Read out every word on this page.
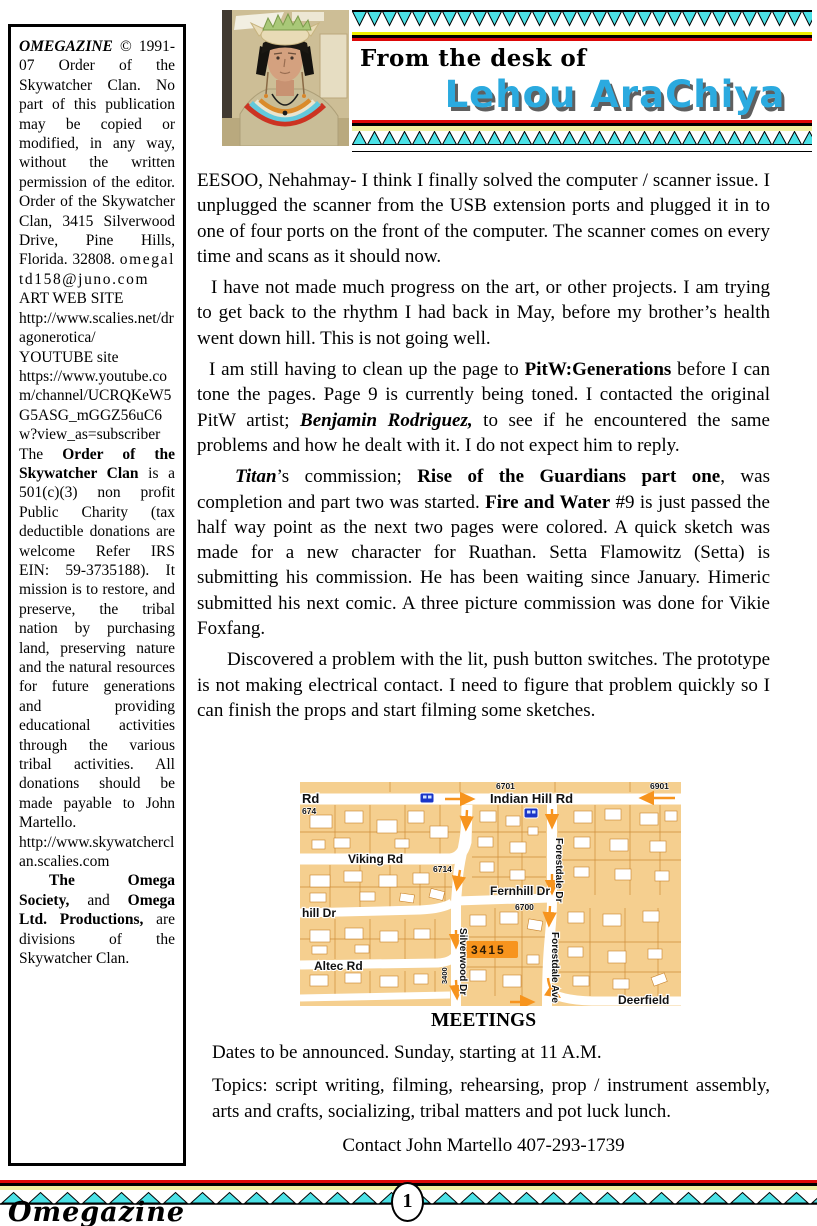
OMEGAZINE © 1991-07 Order of the Skywatcher Clan. No part of this publication may be copied or modified, in any way, without the written permission of the editor. Order of the Skywatcher Clan, 3415 Silverwood Drive, Pine Hills, Florida. 32808. omegaltd158@juno.com

ART WEB SITE

http://www.scalies.net/dragonerotica/

YOUTUBE site

https://www.youtube.com/channel/UCRQKeW5G5ASG_mGGZ56uC6w?view_as=subscriber

The Order of the Skywatcher Clan is a 501(c)(3) non profit Public Charity (tax deductible donations are welcome Refer IRS EIN: 59-3735188). It mission is to restore, and preserve, the tribal nation by purchasing land, preserving nature and the natural resources for future generations and providing educational activities through the various tribal activities. All donations should be made payable to John Martello.

http://www.skywatcherclan.scalies.com

The Omega Society, and Omega Ltd. Productions, are divisions of the Skywatcher Clan.

From the desk of
Lehou AraChiya

EESOO, Nehahmay- I think I finally solved the computer / scanner issue. I unplugged the scanner from the USB extension ports and plugged it in to one of four ports on the front of the computer. The scanner comes on every time and scans as it should now.

I have not made much progress on the art, or other projects. I am trying to get back to the rhythm I had back in May, before my brother’s health went down hill. This is not going well.

I am still having to clean up the page to PitW:Generations before I can tone the pages. Page 9 is currently being toned. I contacted the original PitW artist; Benjamin Rodriguez, to see if he encountered the same problems and how he dealt with it. I do not expect him to reply.

Titan’s commission; Rise of the Guardians part one, was completion and part two was started. Fire and Water #9 is just passed the half way point as the next two pages were colored. A quick sketch was made for a new character for Ruathan. Setta Flamowitz (Setta) is submitting his commission. He has been waiting since January. Himeric submitted his next comic. A three picture commission was done for Vikie Foxfang.

Discovered a problem with the lit, push button switches. The prototype is not making electrical contact. I need to figure that problem quickly so I can finish the props and start filming some sketches.

Indian Hill Rd
Rd
674
Viking Rd
6714
Fernhill Dr
6700
hill Dr
Altec Rd
3415
Silverwood Dr
3400
Forestdale Dr
Forestdale Ave	Deerfield
6701	6901

MEETINGS

Dates to be announced. Sunday, starting at 11 A.M.

Topics: script writing, filming, rehearsing, prop / instrument assembly, arts and crafts, socializing, tribal matters and pot luck lunch.

Contact John Martello 407-293-1739

1
Omegazine
